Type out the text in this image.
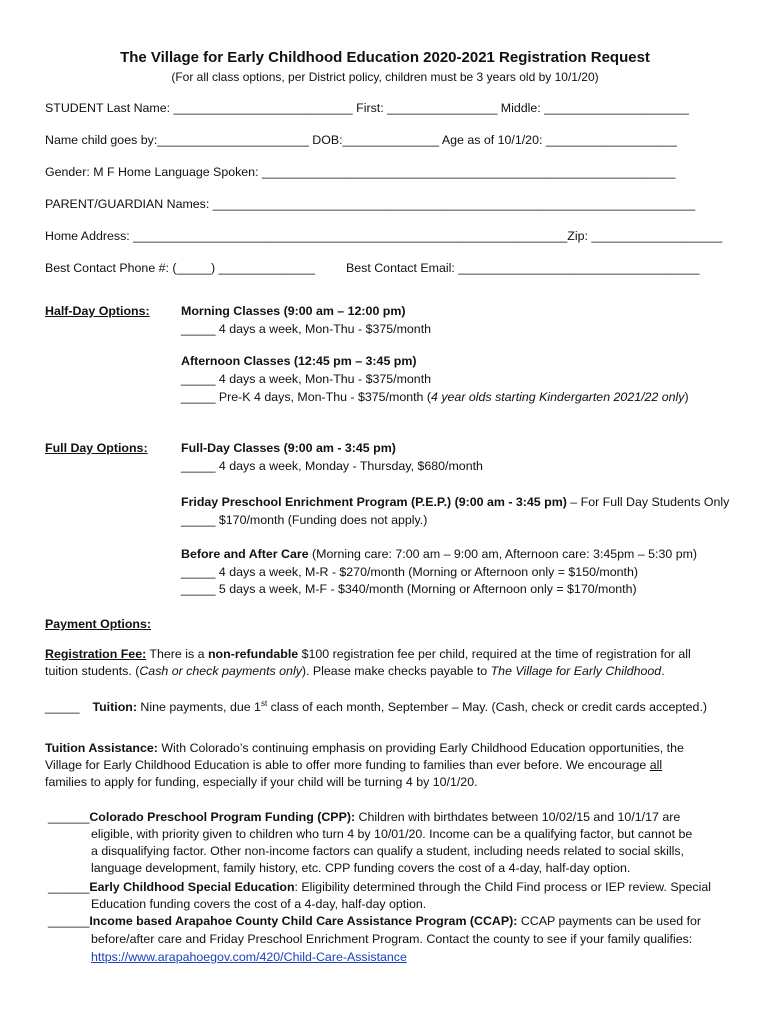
The Village for Early Childhood Education 2020-2021 Registration Request
(For all class options, per District policy, children must be 3 years old by 10/1/20)
STUDENT Last Name: __________________________ First: ________________ Middle: _____________________
Name child goes by:______________________ DOB:______________ Age as of 10/1/20: ___________________
Gender: M F Home Language Spoken: ____________________________________________________________
PARENT/GUARDIAN Names: ______________________________________________________________________
Home Address: _______________________________________________________________Zip: ___________________
Best Contact Phone #: (_____) ______________ Best Contact Email: ___________________________________
Half-Day Options:	Morning Classes (9:00 am – 12:00 pm)
_____ 4 days a week, Mon-Thu - $375/month
Afternoon Classes (12:45 pm – 3:45 pm)
_____ 4 days a week, Mon-Thu - $375/month
_____ Pre-K 4 days, Mon-Thu - $375/month (4 year olds starting Kindergarten 2021/22 only)
Full Day Options:	Full-Day Classes (9:00 am - 3:45 pm)
_____ 4 days a week, Monday - Thursday, $680/month
Friday Preschool Enrichment Program (P.E.P.) (9:00 am - 3:45 pm) – For Full Day Students Only
_____ $170/month (Funding does not apply.)
Before and After Care (Morning care: 7:00 am – 9:00 am, Afternoon care: 3:45pm – 5:30 pm)
_____ 4 days a week, M-R - $270/month (Morning or Afternoon only = $150/month)
_____ 5 days a week, M-F - $340/month (Morning or Afternoon only = $170/month)
Payment Options:
Registration Fee: There is a non-refundable $100 registration fee per child, required at the time of registration for all
tuition students. (Cash or check payments only). Please make checks payable to The Village for Early Childhood.
_____ Tuition: Nine payments, due 1st class of each month, September – May. (Cash, check or credit cards accepted.)
Tuition Assistance: With Colorado’s continuing emphasis on providing Early Childhood Education opportunities, the
Village for Early Childhood Education is able to offer more funding to families than ever before. We encourage all
families to apply for funding, especially if your child will be turning 4 by 10/1/20.
______Colorado Preschool Program Funding (CPP): Children with birthdates between 10/02/15 and 10/1/17 are
eligible, with priority given to children who turn 4 by 10/01/20. Income can be a qualifying factor, but cannot be
a disqualifying factor. Other non-income factors can qualify a student, including needs related to social skills,
language development, family history, etc. CPP funding covers the cost of a 4-day, half-day option.
______Early Childhood Special Education: Eligibility determined through the Child Find process or IEP review. Special
Education funding covers the cost of a 4-day, half-day option.
______Income based Arapahoe County Child Care Assistance Program (CCAP): CCAP payments can be used for
before/after care and Friday Preschool Enrichment Program. Contact the county to see if your family qualifies:
https://www.arapahoegov.com/420/Child-Care-Assistance
